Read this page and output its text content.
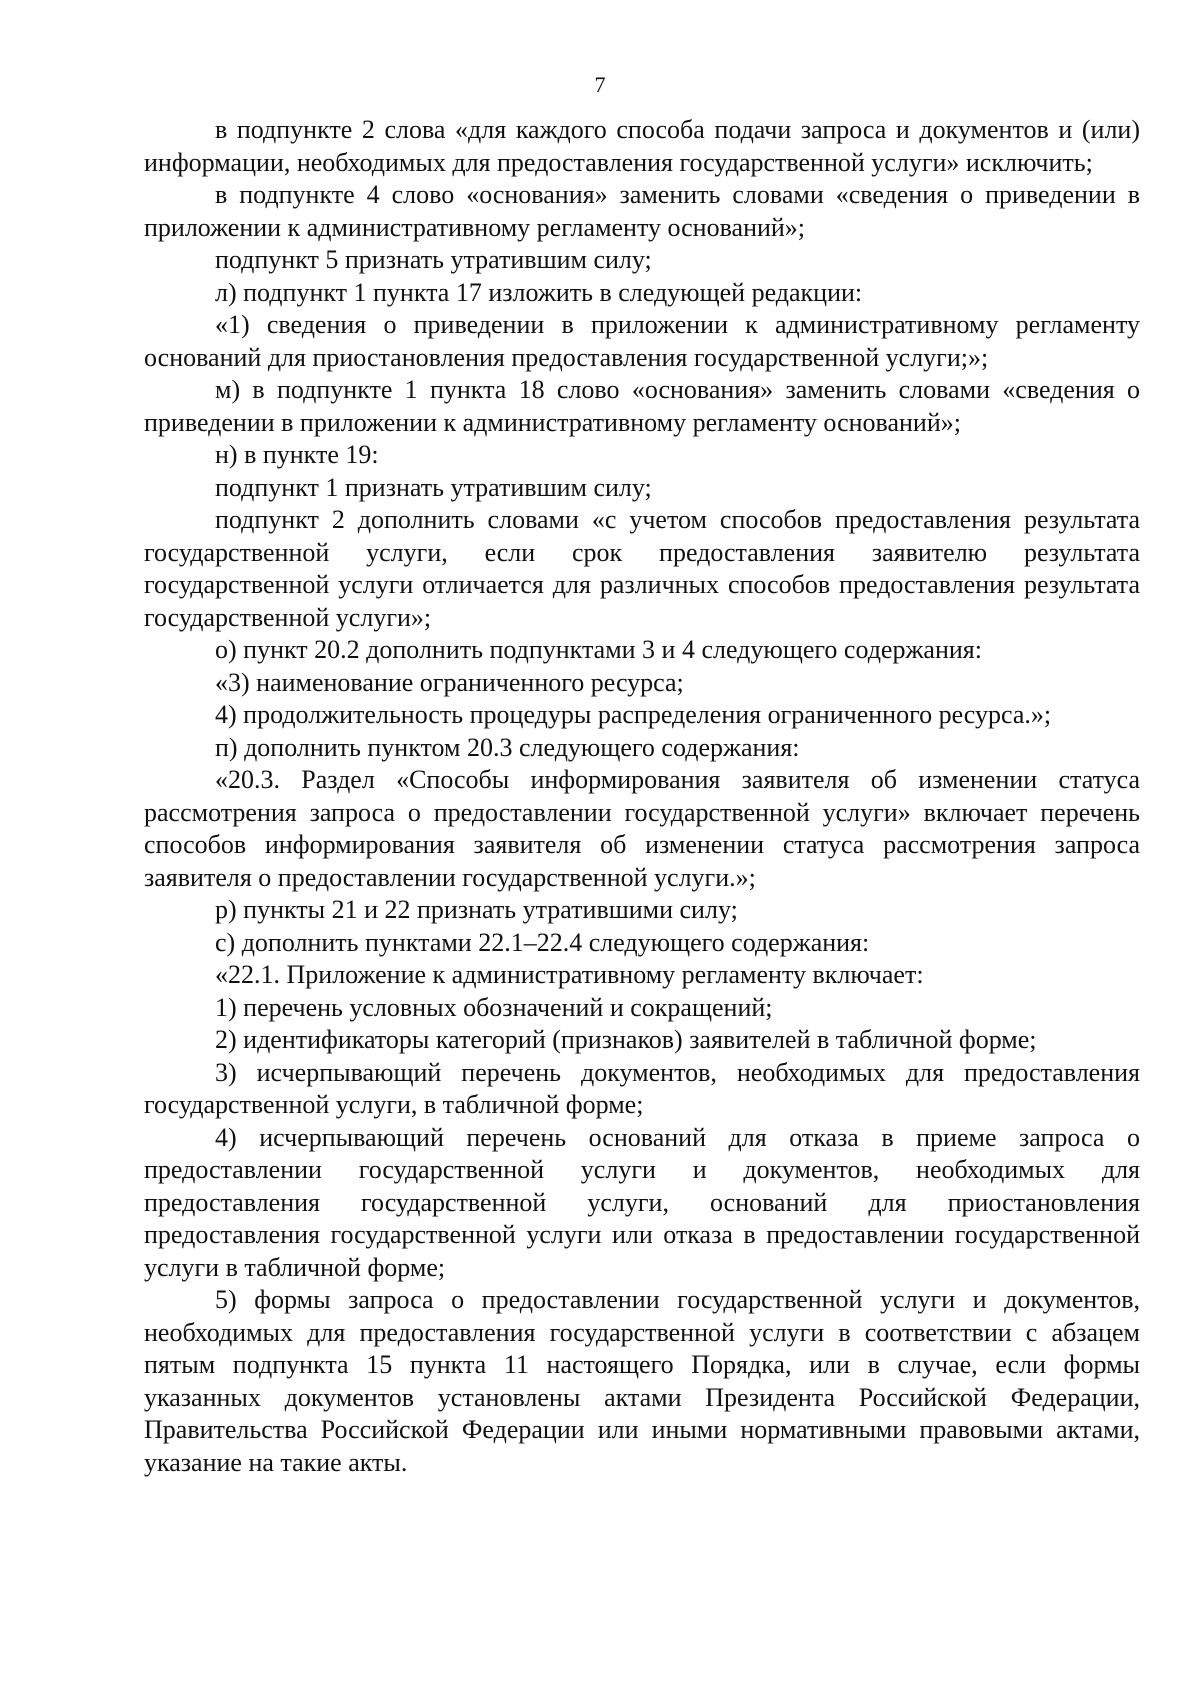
7

в подпункте 2 слова «для каждого способа подачи запроса и документов и (или) информации, необходимых для предоставления государственной услуги» исключить;

в подпункте 4 слово «основания» заменить словами «сведения о приведении в приложении к административному регламенту оснований»;

подпункт 5 признать утратившим силу;

л) подпункт 1 пункта 17 изложить в следующей редакции:

«1) сведения о приведении в приложении к административному регламенту оснований для приостановления предоставления государственной услуги;»;

м) в подпункте 1 пункта 18 слово «основания» заменить словами «сведения о приведении в приложении к административному регламенту оснований»;

н) в пункте 19:

подпункт 1 признать утратившим силу;

подпункт 2 дополнить словами «с учетом способов предоставления результата государственной услуги, если срок предоставления заявителю результата государственной услуги отличается для различных способов предоставления результата государственной услуги»;

о) пункт 20.2 дополнить подпунктами 3 и 4 следующего содержания:

«3) наименование ограниченного ресурса;

4) продолжительность процедуры распределения ограниченного ресурса.»;

п) дополнить пунктом 20.3 следующего содержания:

«20.3. Раздел «Способы информирования заявителя об изменении статуса рассмотрения запроса о предоставлении государственной услуги» включает перечень способов информирования заявителя об изменении статуса рассмотрения запроса заявителя о предоставлении государственной услуги.»;

р) пункты 21 и 22 признать утратившими силу;

с) дополнить пунктами 22.1–22.4 следующего содержания:

«22.1. Приложение к административному регламенту включает:

1) перечень условных обозначений и сокращений;

2) идентификаторы категорий (признаков) заявителей в табличной форме;

3) исчерпывающий перечень документов, необходимых для предоставления государственной услуги, в табличной форме;

4) исчерпывающий перечень оснований для отказа в приеме запроса о предоставлении государственной услуги и документов, необходимых для предоставления государственной услуги, оснований для приостановления предоставления государственной услуги или отказа в предоставлении государственной услуги в табличной форме;

5) формы запроса о предоставлении государственной услуги и документов, необходимых для предоставления государственной услуги в соответствии с абзацем пятым подпункта 15 пункта 11 настоящего Порядка, или в случае, если формы указанных документов установлены актами Президента Российской Федерации, Правительства Российской Федерации или иными нормативными правовыми актами, указание на такие акты.
